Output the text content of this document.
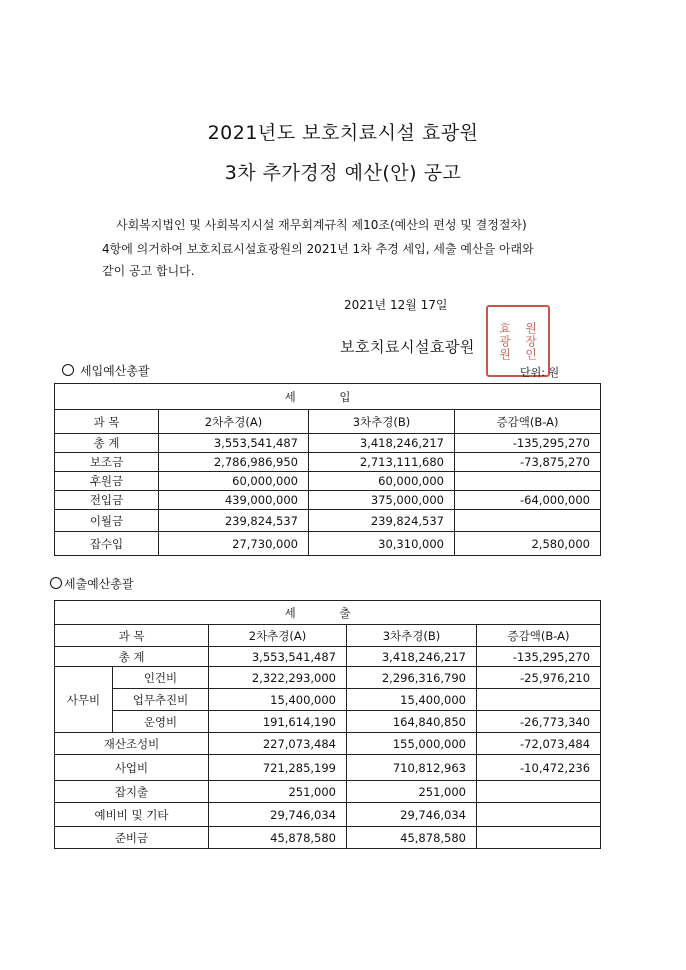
2021년도 보호치료시설 효광원
3차 추가경정 예산(안) 공고
사회복지법인 및 사회복지시설 재무회계규칙 제10조(예산의 편성 및 결정절차)
4항에 의거하여 보호치료시설효광원의 2021년 1차 추경 세입, 세출 예산을 아래와
같이 공고 합니다.
2021년 12월 17일
보호치료시설효광원 효광원 원장인
단위: 원
세입예산총괄
세 입			
과 목	2차추경(A)	3차추경(B)	증감액(B-A)
총 계	3,553,541,487	3,418,246,217	-135,295,270
보조금	2,786,986,950	2,713,111,680	-73,875,270
후원금	60,000,000	60,000,000	
전입금	439,000,000	375,000,000	-64,000,000
이월금	239,824,537	239,824,537	
잡수입	27,730,000	30,310,000	2,580,000
세출예산총괄
세 출				
과 목		2차추경(A)	3차추경(B)	증감액(B-A)
총 계		3,553,541,487	3,418,246,217	-135,295,270
사무비	인건비	2,322,293,000	2,296,316,790	-25,976,210
	업무추진비	15,400,000	15,400,000	
	운영비	191,614,190	164,840,850	-26,773,340
재산조성비		227,073,484	155,000,000	-72,073,484
사업비		721,285,199	710,812,963	-10,472,236
잡지출		251,000	251,000	
예비비 및 기타		29,746,034	29,746,034	
준비금		45,878,580	45,878,580	
